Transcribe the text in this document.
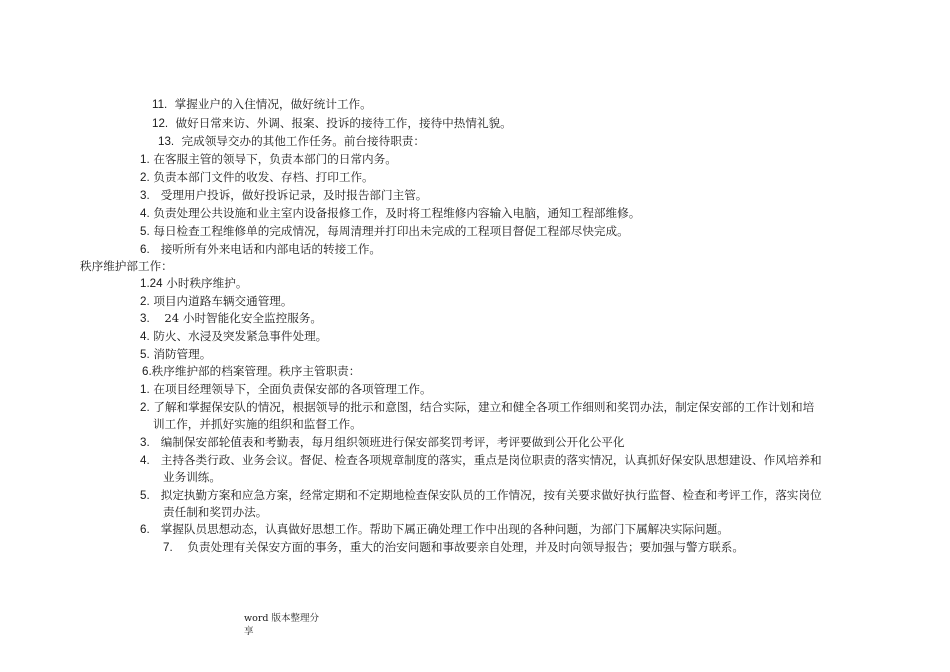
11. 掌握业户的入住情况，做好统计工作。
12. 做好日常来访、外调、报案、投诉的接待工作，接待中热情礼貌。
13. 完成领导交办的其他工作任务。前台接待职责：
1. 在客服主管的领导下，负责本部门的日常内务。
2. 负责本部门文件的收发、存档、打印工作。
3. 受理用户投诉，做好投诉记录，及时报告部门主管。
4. 负责处理公共设施和业主室内设备报修工作，及时将工程维修内容输入电脑，通知工程部维修。
5. 每日检查工程维修单的完成情况，每周清理并打印出未完成的工程项目督促工程部尽快完成。
6. 接听所有外来电话和内部电话的转接工作。
秩序维护部工作：
1.24 小时秩序维护。
2. 项目内道路车辆交通管理。
3. 24 小时智能化安全监控服务。
4. 防火、水浸及突发紧急事件处理。
5. 消防管理。
6.秩序维护部的档案管理。秩序主管职责：
1. 在项目经理领导下，全面负责保安部的各项管理工作。
2. 了解和掌握保安队的情况，根据领导的批示和意图，结合实际，建立和健全各项工作细则和奖罚办法，制定保安部的工作计划和培
训工作，并抓好实施的组织和监督工作。
3. 编制保安部轮值表和考勤表，每月组织领班进行保安部奖罚考评，考评要做到公开化公平化
4. 主持各类行政、业务会议。督促、检查各项规章制度的落实，重点是岗位职责的落实情况，认真抓好保安队思想建设、作风培养和
业务训练。
5. 拟定执勤方案和应急方案，经常定期和不定期地检查保安队员的工作情况，按有关要求做好执行监督、检查和考评工作，落实岗位
责任制和奖罚办法。
6. 掌握队员思想动态，认真做好思想工作。帮助下属正确处理工作中出现的各种问题，为部门下属解决实际问题。
7. 负责处理有关保安方面的事务，重大的治安问题和事故要亲自处理，并及时向领导报告；要加强与警方联系。
word 版本整理分
享
